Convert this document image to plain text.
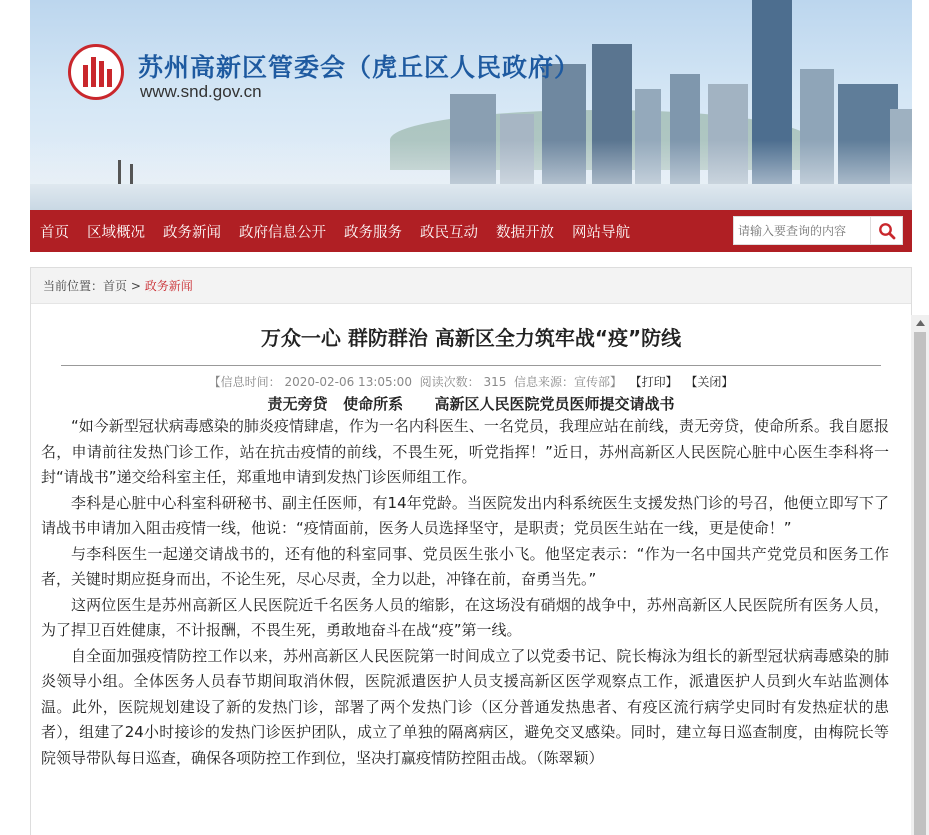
苏州高新区管委会（虎丘区人民政府）
www.snd.gov.cn
首页	区域概况	政务新闻	政府信息公开	政务服务	政民互动	数据开放	网站导航
请输入要查询的内容
当前位置：首页 > 政务新闻
万众一心 群防群治 高新区全力筑牢战“疫”防线
【信息时间： 2020-02-06 13:05:00 阅读次数： 315 信息来源：宣传部】 【打印】 【关闭】
责无旁贷   使命所系      高新区人民医院党员医师提交请战书

“如今新型冠状病毒感染的肺炎疫情肆虐，作为一名内科医生、一名党员，我理应站在前线，责无旁贷，使命所系。我自愿报名，申请前往发热门诊工作，站在抗击疫情的前线，不畏生死，听党指挥！”近日，苏州高新区人民医院心脏中心医生李科将一封“请战书”递交给科室主任，郑重地申请到发热门诊医师组工作。

李科是心脏中心科室科研秘书、副主任医师，有14年党龄。当医院发出内科系统医生支援发热门诊的号召，他便立即写下了请战书申请加入阻击疫情一线，他说：“疫情面前，医务人员选择坚守，是职责；党员医生站在一线，更是使命！”

与李科医生一起递交请战书的，还有他的科室同事、党员医生张小飞。他坚定表示：“作为一名中国共产党党员和医务工作者，关键时期应挺身而出，不论生死，尽心尽责，全力以赴，冲锋在前，奋勇当先。”

这两位医生是苏州高新区人民医院近千名医务人员的缩影，在这场没有硝烟的战争中，苏州高新区人民医院所有医务人员，为了捍卫百姓健康，不计报酬，不畏生死，勇敢地奋斗在战“疫”第一线。

自全面加强疫情防控工作以来，苏州高新区人民医院第一时间成立了以党委书记、院长梅泳为组长的新型冠状病毒感染的肺炎领导小组。全体医务人员春节期间取消休假，医院派遣医护人员支援高新区医学观察点工作，派遣医护人员到火车站监测体温。此外，医院规划建设了新的发热门诊，部署了两个发热门诊（区分普通发热患者、有疫区流行病学史同时有发热症状的患者），组建了24小时接诊的发热门诊医护团队，成立了单独的隔离病区，避免交叉感染。同时，建立每日巡查制度，由梅院长等院领导带队每日巡查，确保各项防控工作到位，坚决打赢疫情防控阻击战。（陈翠颖）
